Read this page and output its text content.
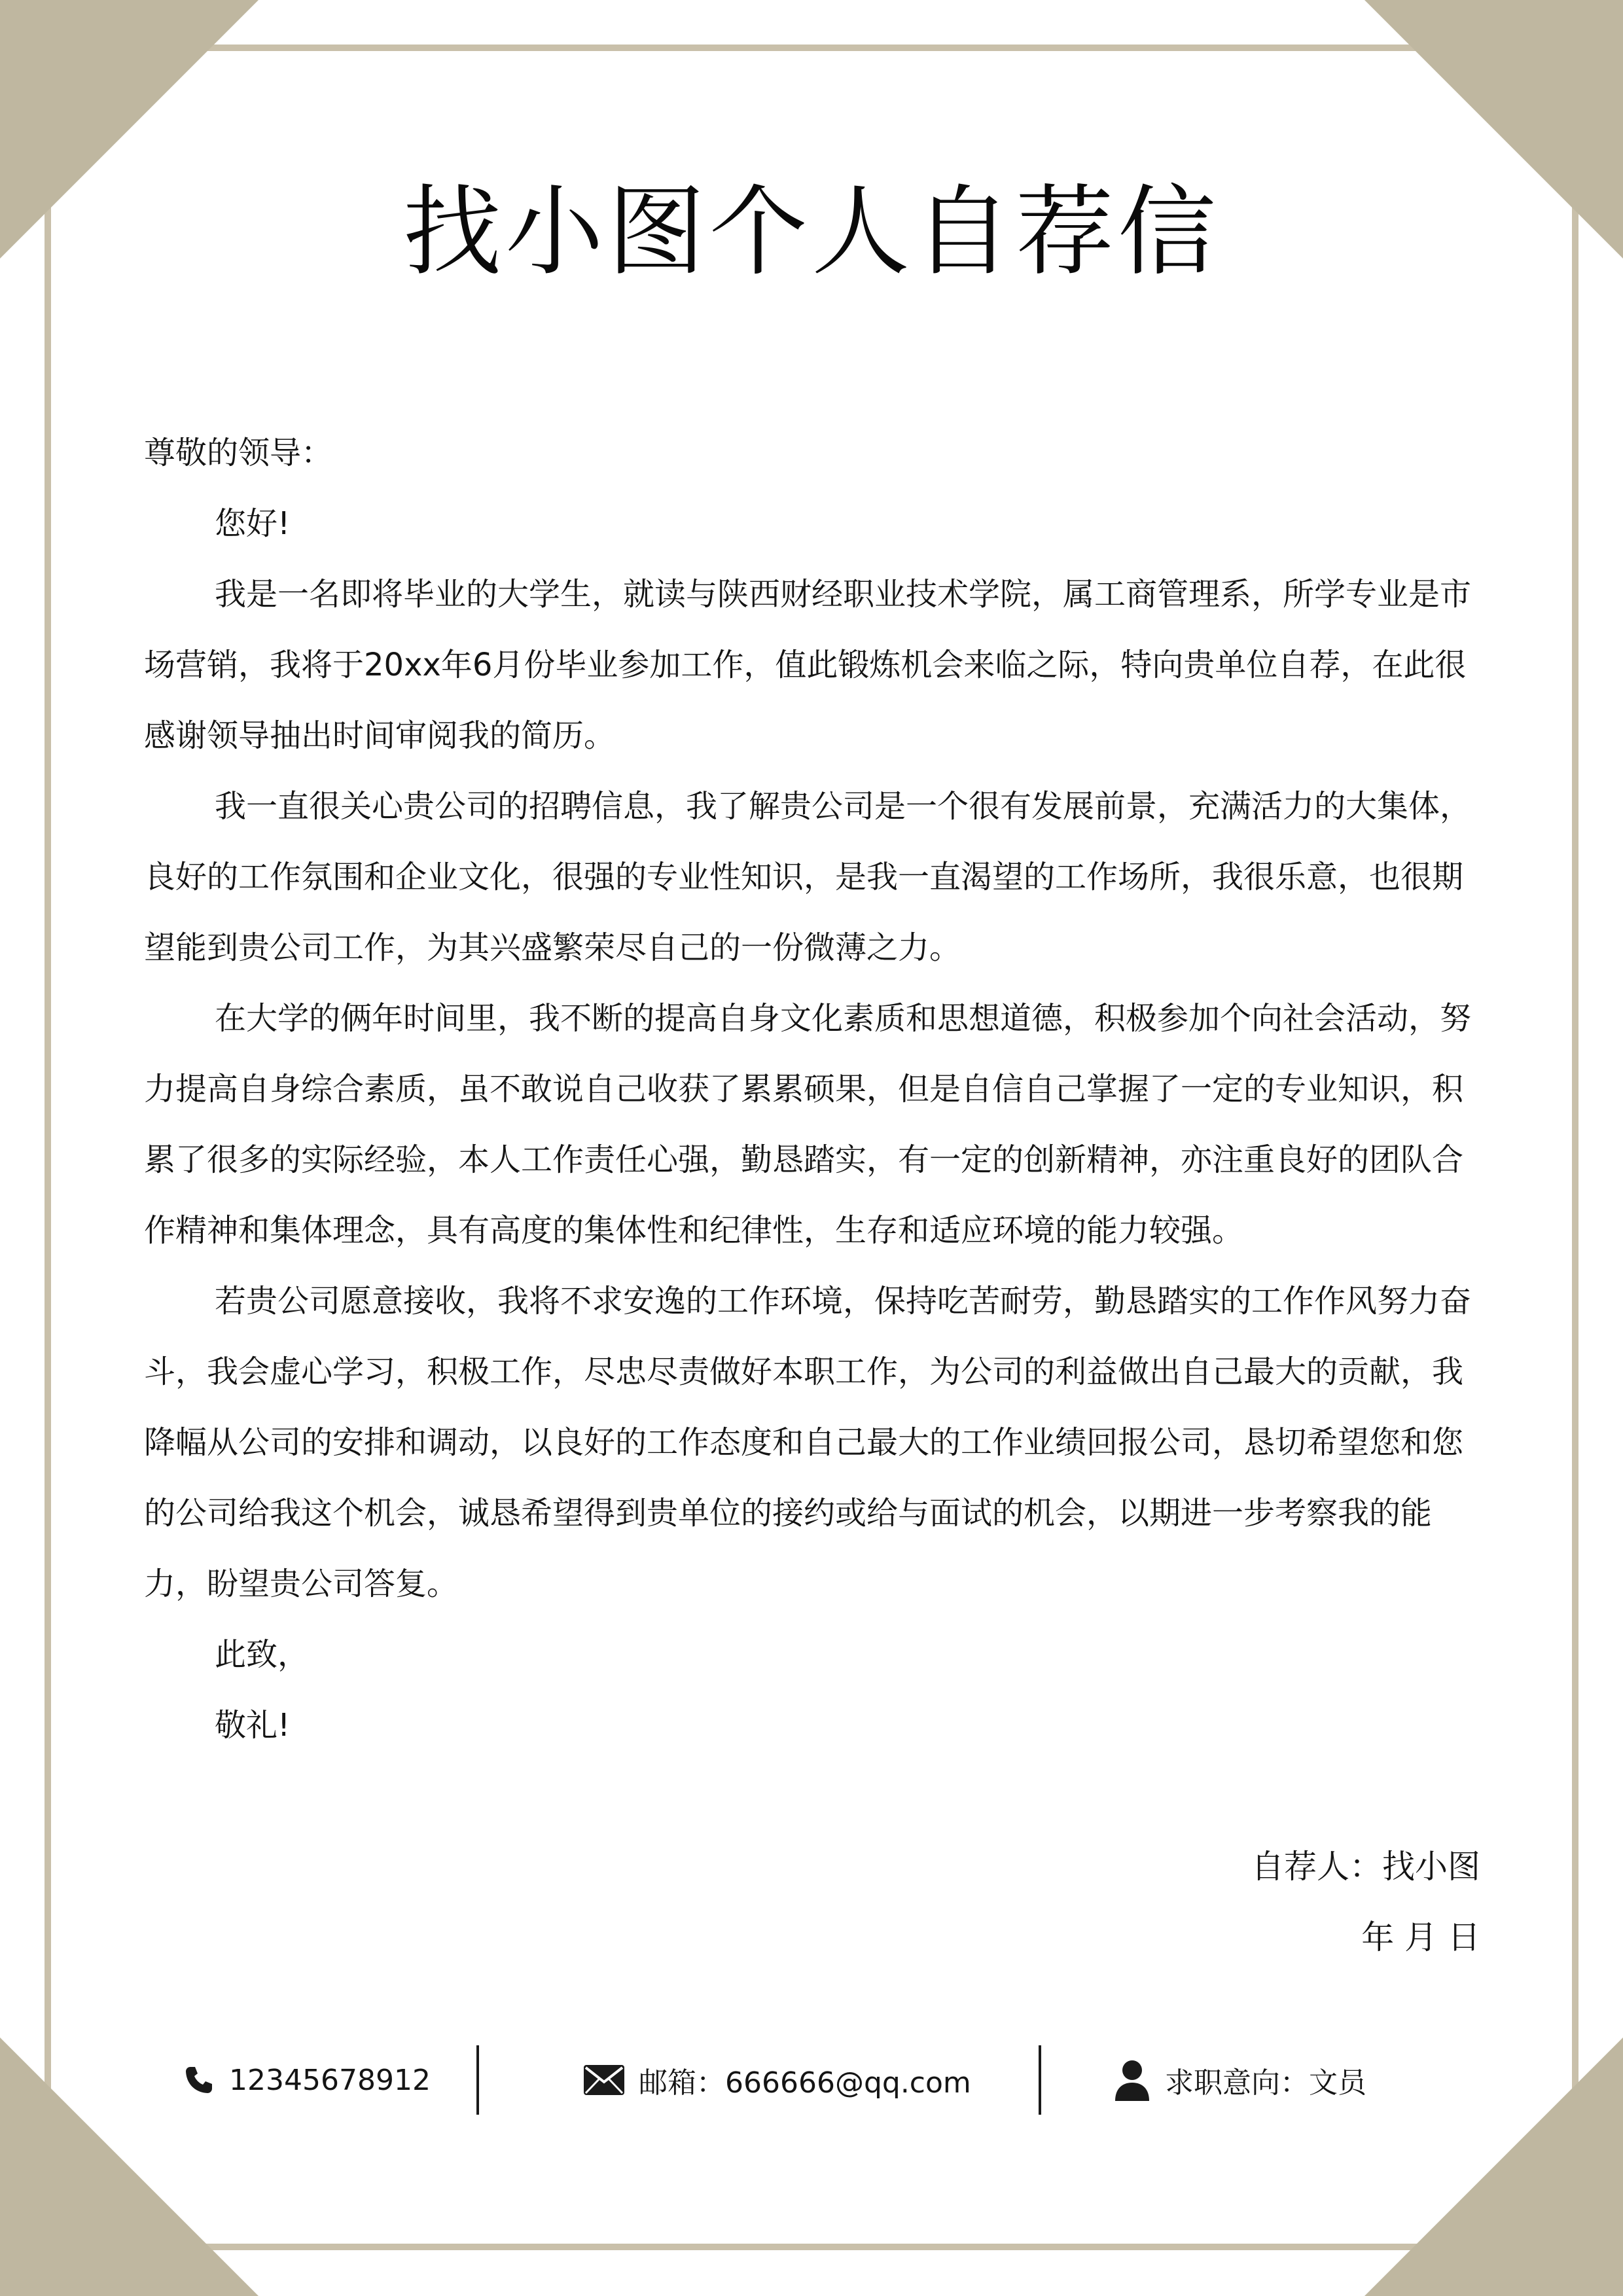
找小图个人自荐信

尊敬的领导：

您好!

我是一名即将毕业的大学生，就读与陕西财经职业技术学院，属工商管理系，所学专业是市场营销，我将于20xx年6月份毕业参加工作，值此锻炼机会来临之际，特向贵单位自荐，在此很感谢领导抽出时间审阅我的简历。

我一直很关心贵公司的招聘信息，我了解贵公司是一个很有发展前景，充满活力的大集体，良好的工作氛围和企业文化，很强的专业性知识，是我一直渴望的工作场所，我很乐意，也很期望能到贵公司工作，为其兴盛繁荣尽自己的一份微薄之力。

在大学的俩年时间里，我不断的提高自身文化素质和思想道德，积极参加个向社会活动，努力提高自身综合素质，虽不敢说自己收获了累累硕果，但是自信自己掌握了一定的专业知识，积累了很多的实际经验，本人工作责任心强，勤恳踏实，有一定的创新精神，亦注重良好的团队合作精神和集体理念，具有高度的集体性和纪律性，生存和适应环境的能力较强。

若贵公司愿意接收，我将不求安逸的工作环境，保持吃苦耐劳，勤恳踏实的工作作风努力奋斗，我会虚心学习，积极工作，尽忠尽责做好本职工作，为公司的利益做出自己最大的贡献，我降幅从公司的安排和调动，以良好的工作态度和自己最大的工作业绩回报公司，恳切希望您和您的公司给我这个机会，诚恳希望得到贵单位的接约或给与面试的机会，以期进一步考察我的能力，盼望贵公司答复。

此致，

敬礼!

自荐人：找小图
年 月 日
12345678912	邮箱：666666@qq.com	求职意向：文员
